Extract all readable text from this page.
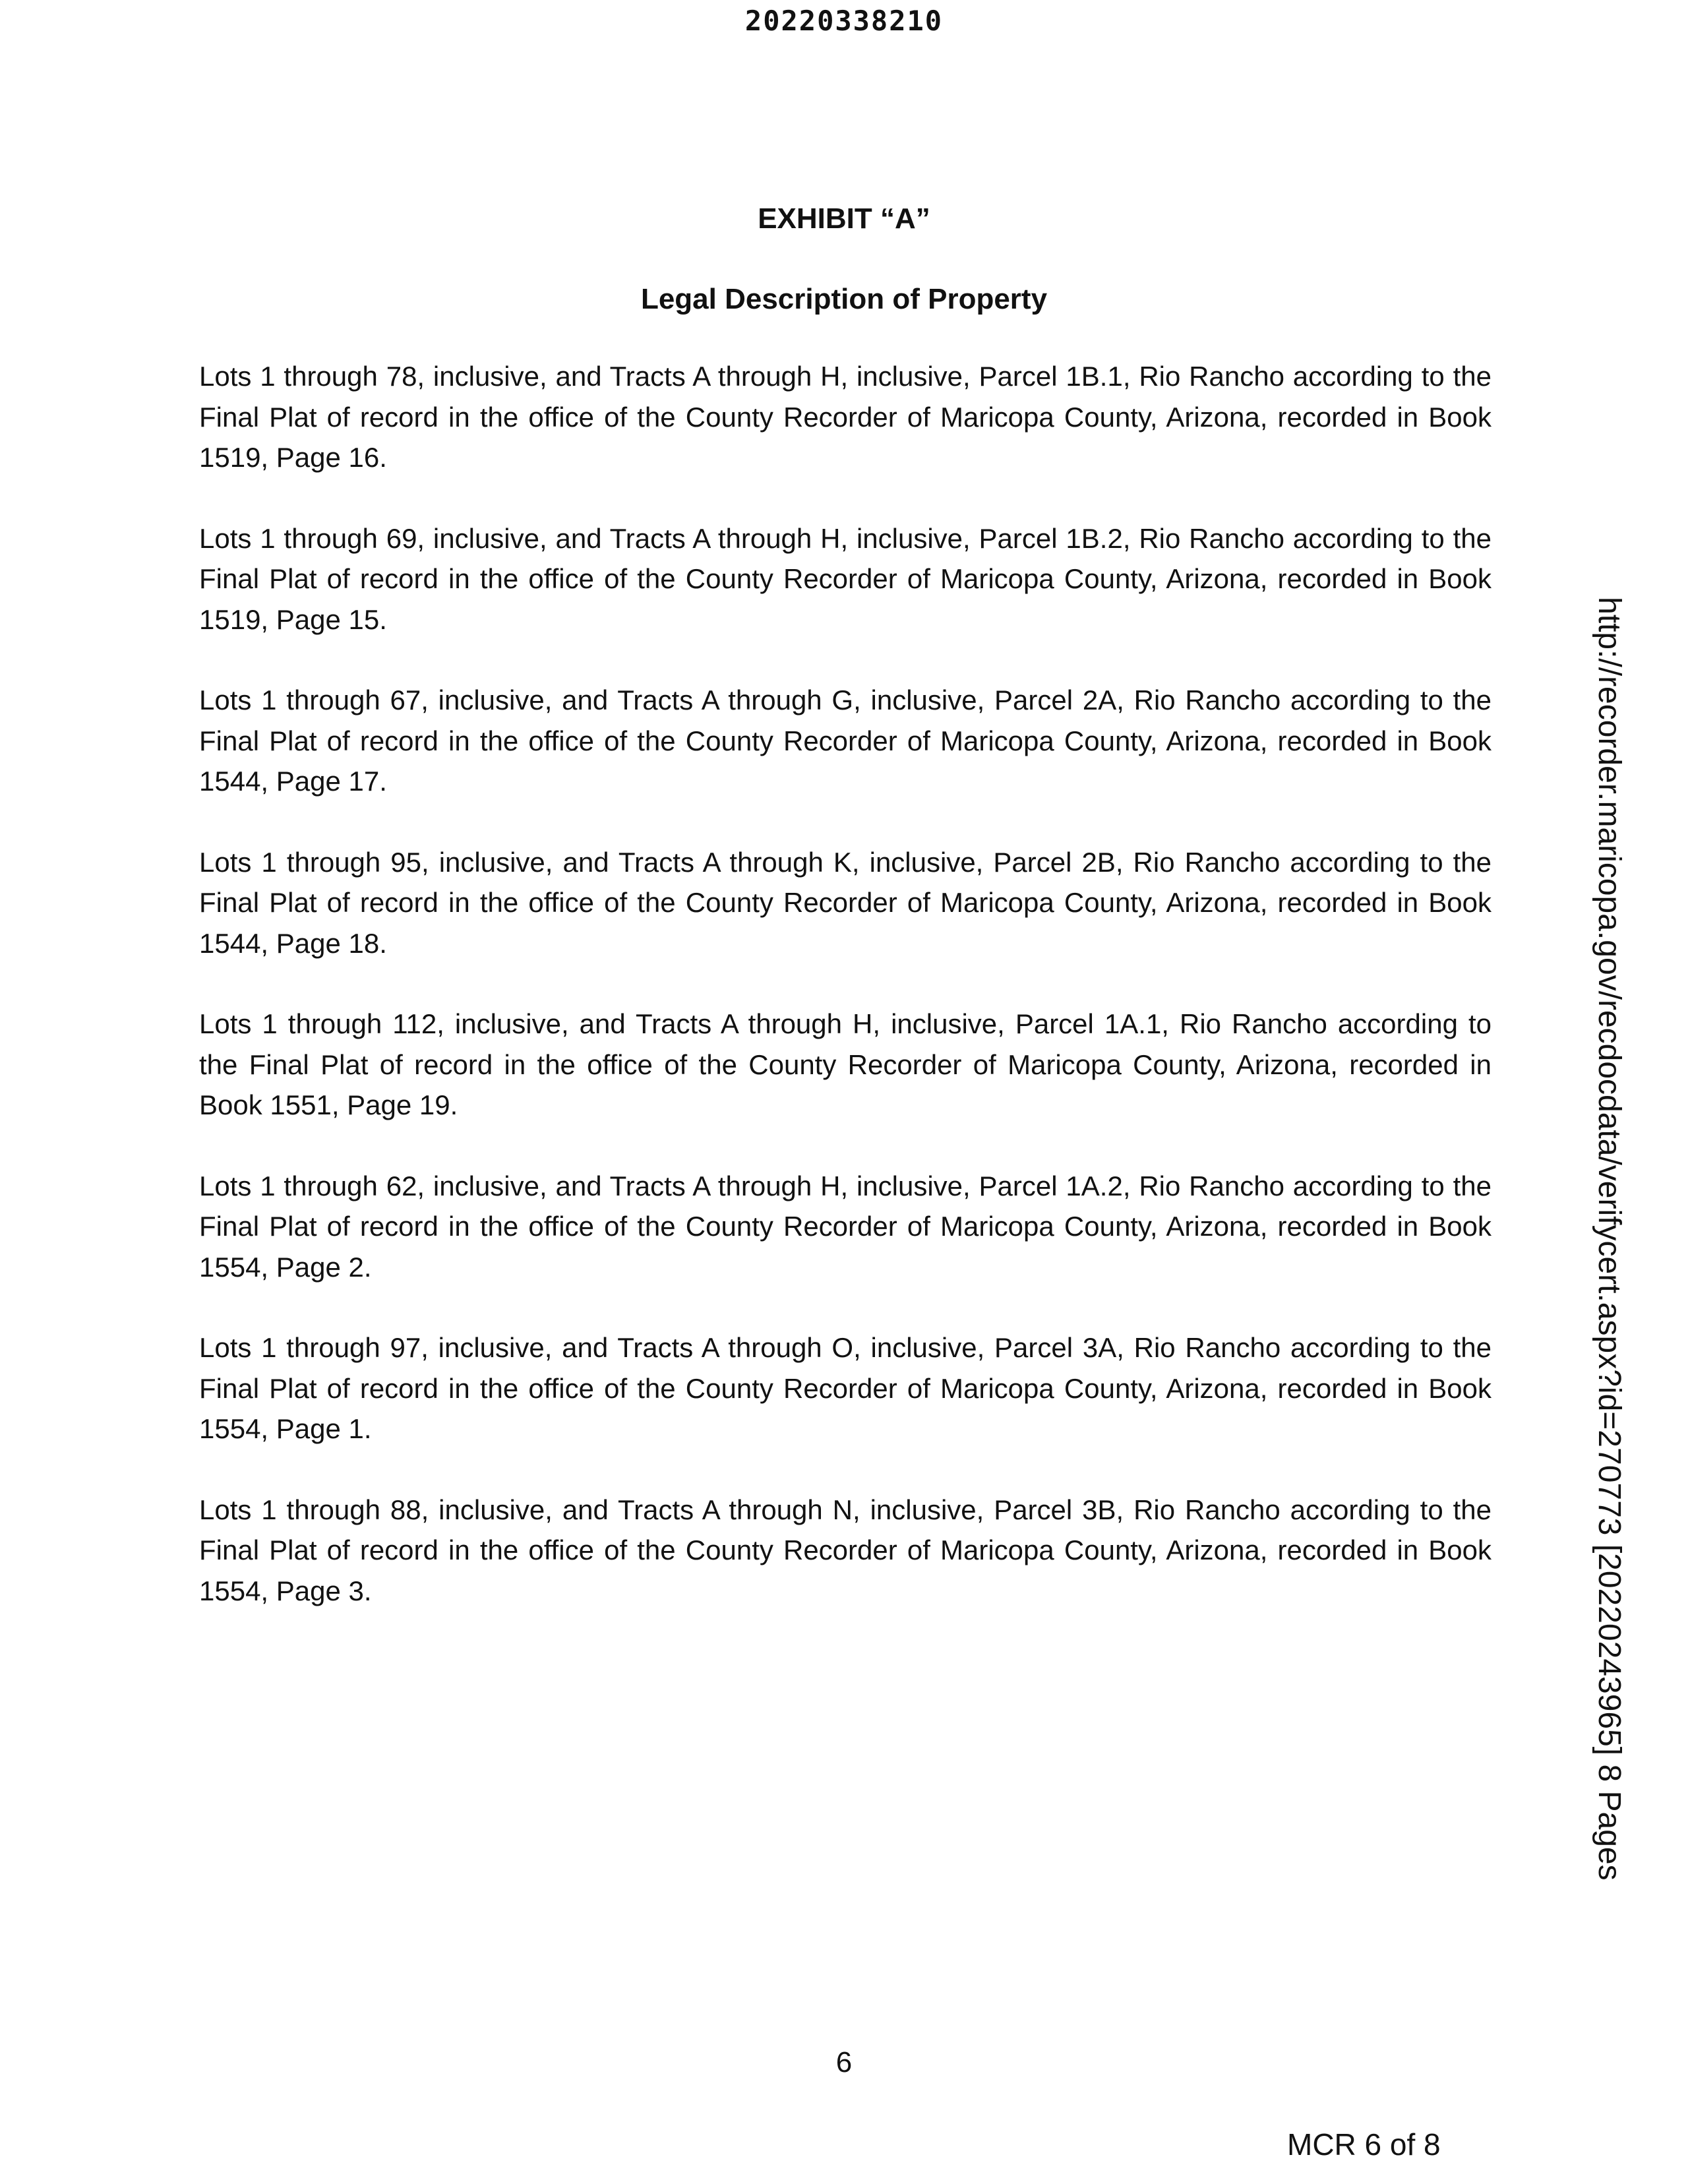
20220338210
EXHIBIT “A”
Legal Description of Property

Lots 1 through 78, inclusive, and Tracts A through H, inclusive, Parcel 1B.1, Rio Rancho according to the Final Plat of record in the office of the County Recorder of Maricopa County, Arizona, recorded in Book 1519, Page 16.

Lots 1 through 69, inclusive, and Tracts A through H, inclusive, Parcel 1B.2, Rio Rancho according to the Final Plat of record in the office of the County Recorder of Maricopa County, Arizona, recorded in Book 1519, Page 15.

Lots 1 through 67, inclusive, and Tracts A through G, inclusive, Parcel 2A, Rio Rancho according to the Final Plat of record in the office of the County Recorder of Maricopa County, Arizona, recorded in Book 1544, Page 17.

Lots 1 through 95, inclusive, and Tracts A through K, inclusive, Parcel 2B, Rio Rancho according to the Final Plat of record in the office of the County Recorder of Maricopa County, Arizona, recorded in Book 1544, Page 18.

Lots 1 through 112, inclusive, and Tracts A through H, inclusive, Parcel 1A.1, Rio Rancho according to the Final Plat of record in the office of the County Recorder of Maricopa County, Arizona, recorded in Book 1551, Page 19.

Lots 1 through 62, inclusive, and Tracts A through H, inclusive, Parcel 1A.2, Rio Rancho according to the Final Plat of record in the office of the County Recorder of Maricopa County, Arizona, recorded in Book 1554, Page 2.

Lots 1 through 97, inclusive, and Tracts A through O, inclusive, Parcel 3A, Rio Rancho according to the Final Plat of record in the office of the County Recorder of Maricopa County, Arizona, recorded in Book 1554, Page 1.

Lots 1 through 88, inclusive, and Tracts A through N, inclusive, Parcel 3B, Rio Rancho according to the Final Plat of record in the office of the County Recorder of Maricopa County, Arizona, recorded in Book 1554, Page 3.	http://recorder.maricopa.gov/recdocdata/verifycert.aspx?id=270773 [20220243965] 8 Pages
6
MCR 6 of 8
